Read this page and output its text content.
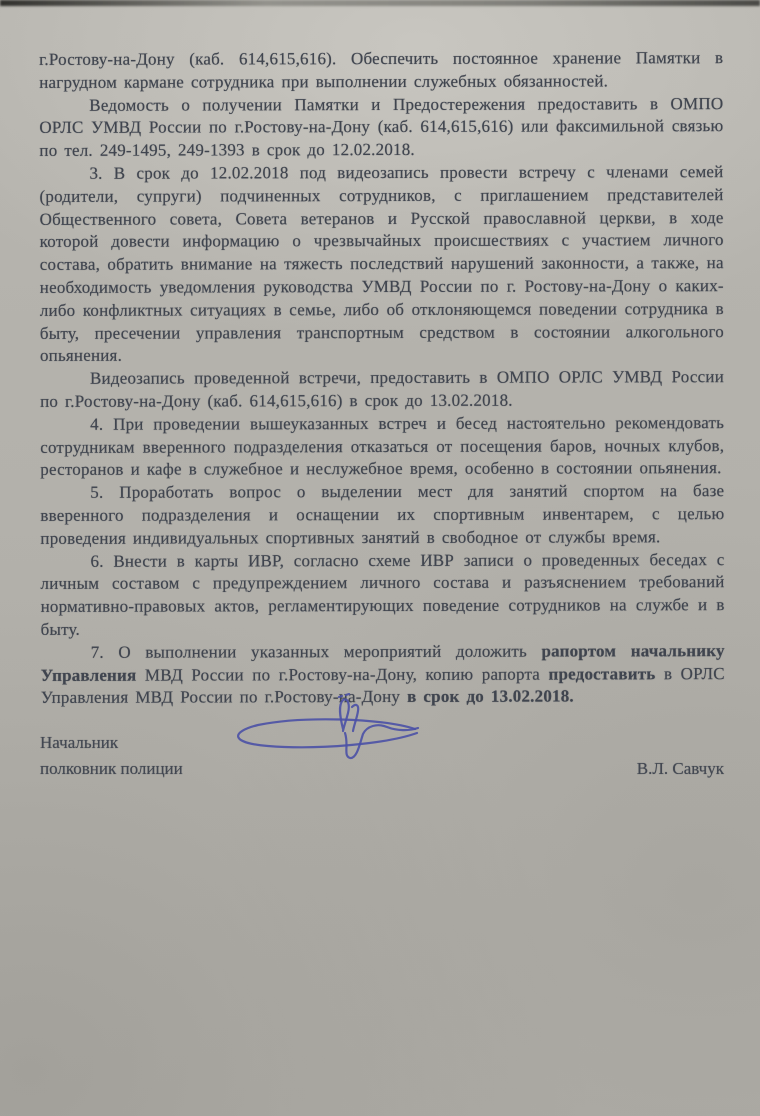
г.Ростову-на-Дону (каб. 614,615,616). Обеспечить постоянное хранение Памятки в нагрудном кармане сотрудника при выполнении служебных обязанностей.

Ведомость о получении Памятки и Предостережения предоставить в ОМПО ОРЛС УМВД России по г.Ростову-на-Дону (каб. 614,615,616) или факсимильной связью по тел. 249-1495, 249-1393 в срок до 12.02.2018.

3. В срок до 12.02.2018 под видеозапись провести встречу с членами семей (родители, супруги) подчиненных сотрудников, с приглашением представителей Общественного совета, Совета ветеранов и Русской православной церкви, в ходе которой довести информацию о чрезвычайных происшествиях с участием личного состава, обратить внимание на тяжесть последствий нарушений законности, а также, на необходимость уведомления руководства УМВД России по г. Ростову-на-Дону о каких-либо конфликтных ситуациях в семье, либо об отклоняющемся поведении сотрудника в быту, пресечении управления транспортным средством в состоянии алкогольного опьянения.

Видеозапись проведенной встречи, предоставить в ОМПО ОРЛС УМВД России по г.Ростову-на-Дону (каб. 614,615,616) в срок до 13.02.2018.

4. При проведении вышеуказанных встреч и бесед настоятельно рекомендовать сотрудникам вверенного подразделения отказаться от посещения баров, ночных клубов, ресторанов и кафе в служебное и неслужебное время, особенно в состоянии опьянения.

5. Проработать вопрос о выделении мест для занятий спортом на базе вверенного подразделения и оснащении их спортивным инвентарем, с целью проведения индивидуальных спортивных занятий в свободное от службы время.

6. Внести в карты ИВР, согласно схеме ИВР записи о проведенных беседах с личным составом с предупреждением личного состава и разъяснением требований нормативно-правовых актов, регламентирующих поведение сотрудников на службе и в быту.

7. О выполнении указанных мероприятий доложить рапортом начальнику Управления МВД России по г.Ростову-на-Дону, копию рапорта предоставить в ОРЛС Управления МВД России по г.Ростову-на-Дону в срок до 13.02.2018.

Начальник
полковник полиции	В.Л. Савчук
